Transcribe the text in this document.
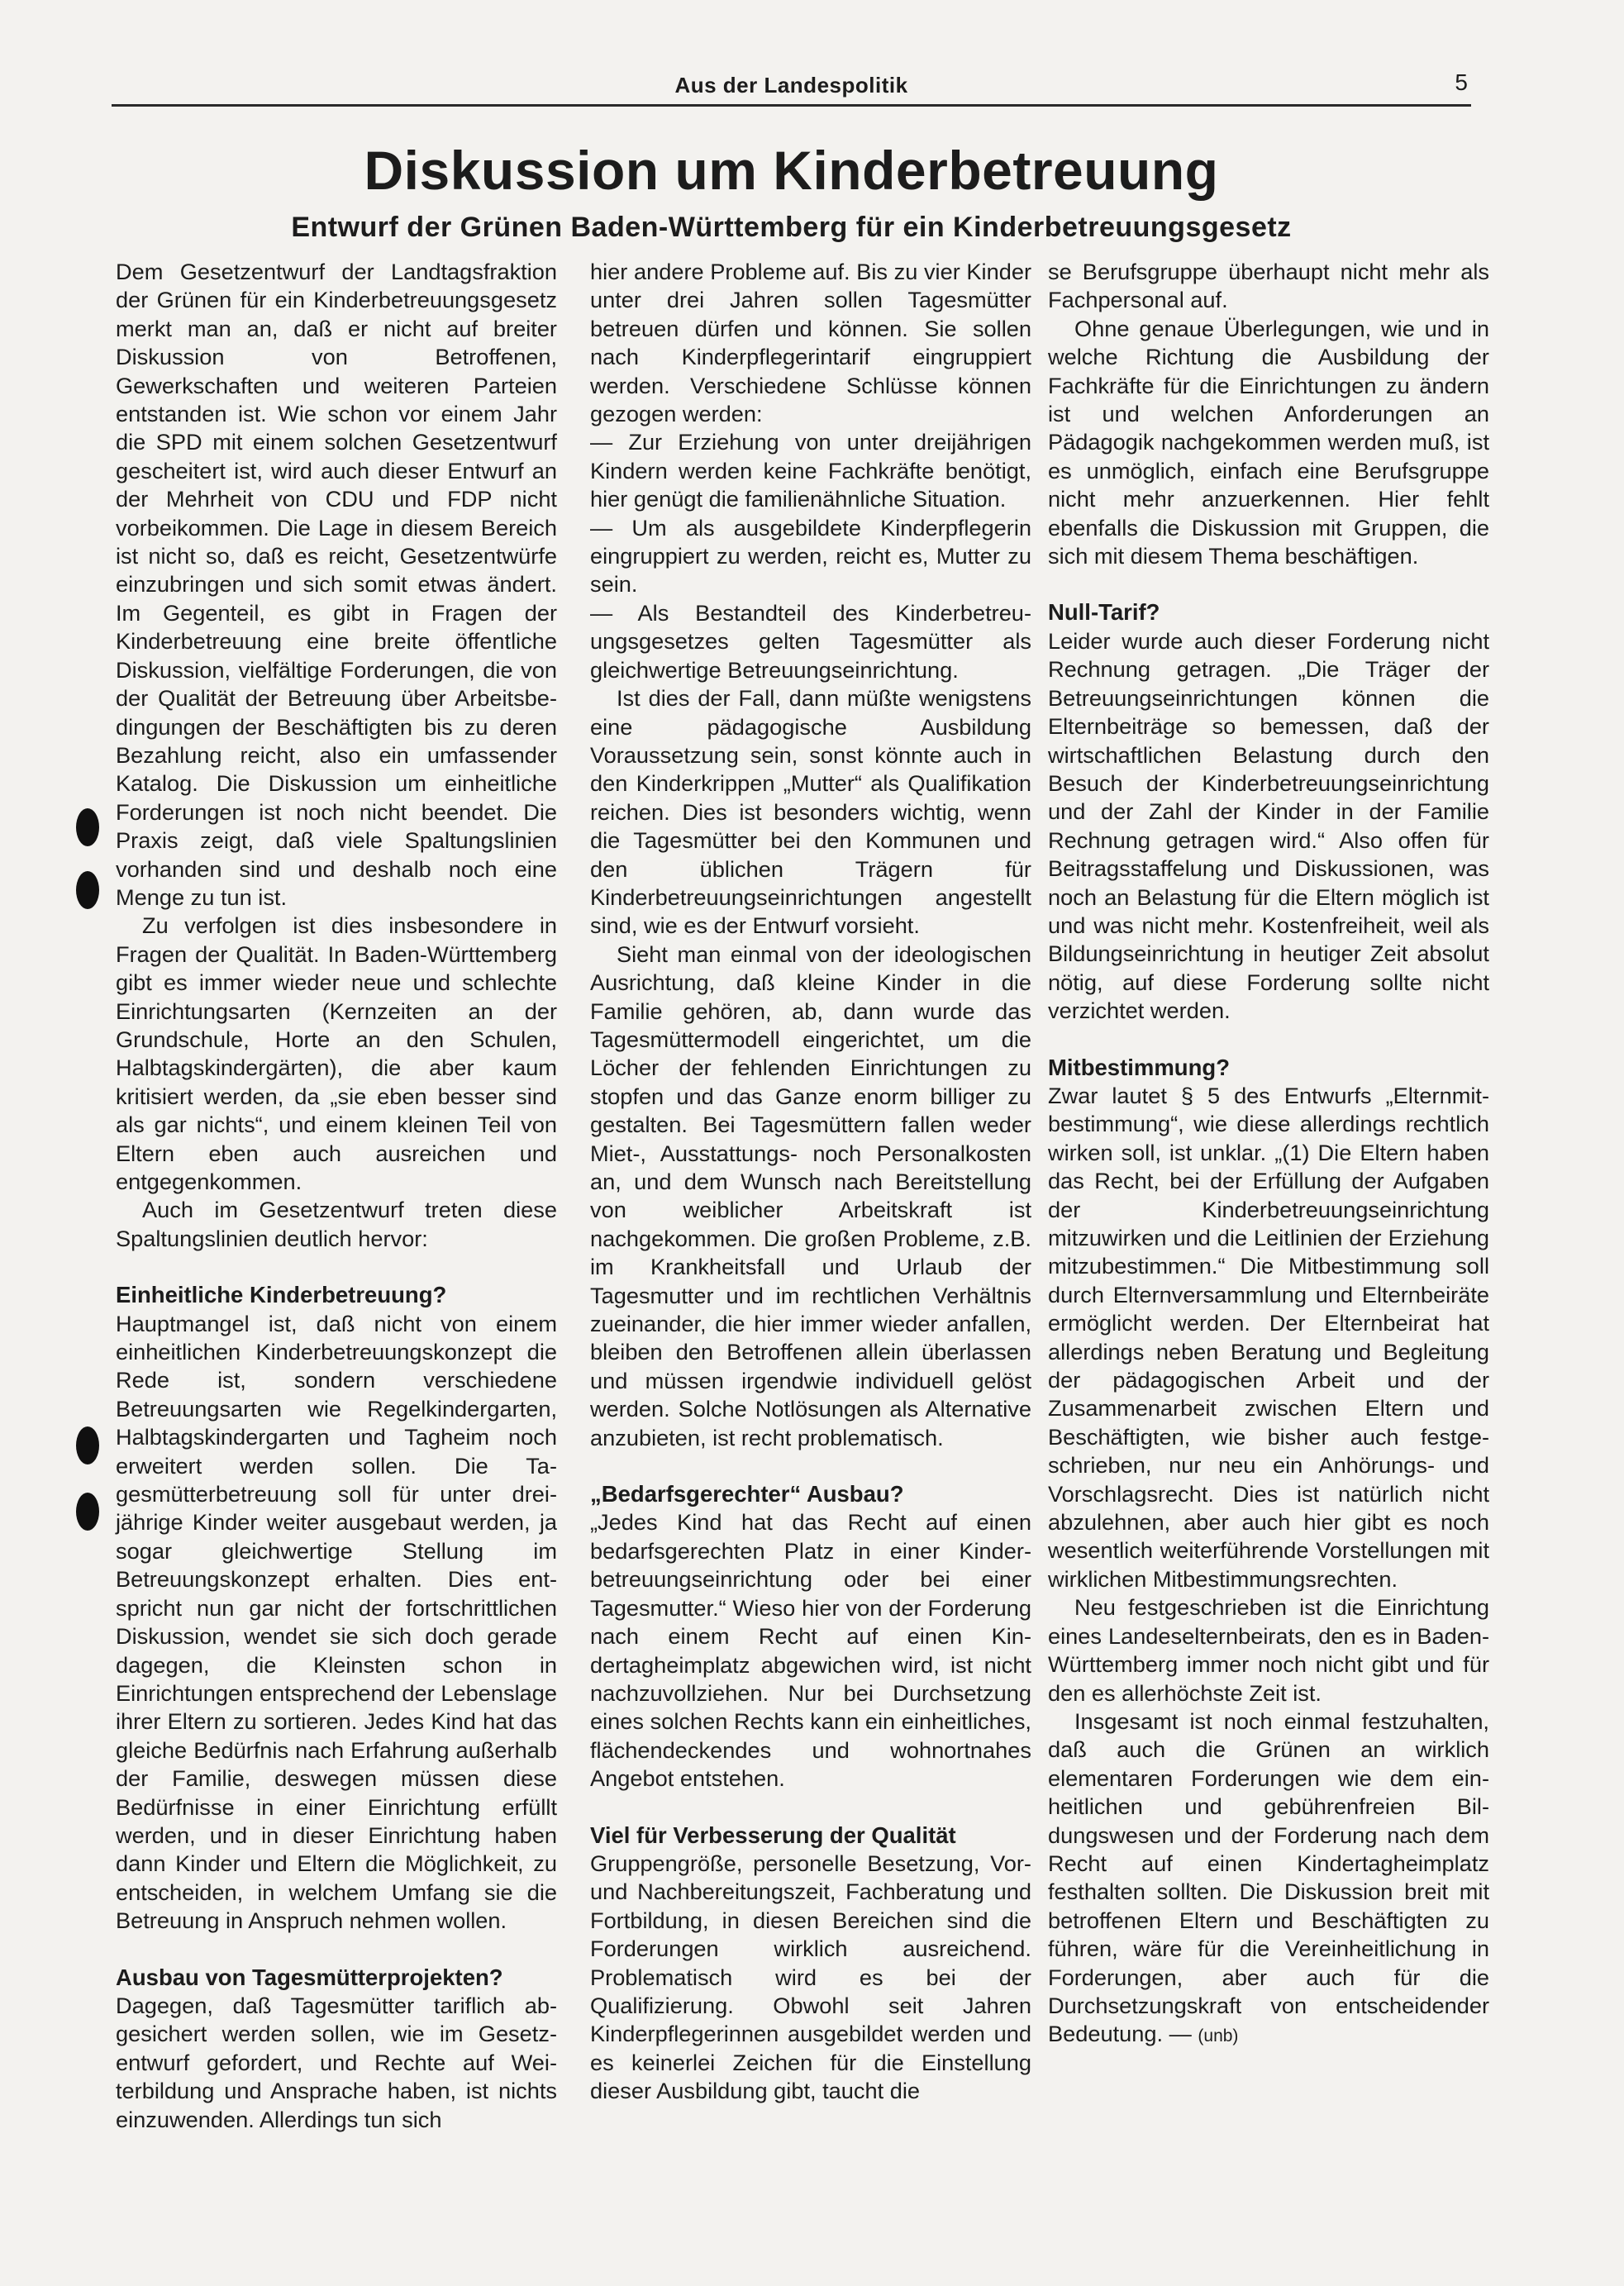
Aus der Landespolitik	5
Diskussion um Kinderbetreuung
Entwurf der Grünen Baden-Württemberg für ein Kinderbetreuungsgesetz

Dem Gesetzentwurf der Landtagsfraktion der Grünen für ein Kinderbetreuungsgesetz merkt man an, daß er nicht auf breiter Diskussion von Betroffenen, Gewerkschaften und weiteren Parteien entstanden ist. Wie schon vor einem Jahr die SPD mit einem solchen Gesetzentwurf gescheitert ist, wird auch dieser Entwurf an der Mehrheit von CDU und FDP nicht vorbeikommen. Die Lage in diesem Bereich ist nicht so, daß es reicht, Gesetzentwürfe einzubringen und sich somit etwas ändert. Im Gegenteil, es gibt in Fragen der Kinderbetreuung eine breite öffentliche Diskussion, vielfältige Forderungen, die von der Qualität der Betreuung über Arbeitsbedingungen der Beschäftigten bis zu deren Bezahlung reicht, also ein umfassender Katalog. Die Diskussion um einheitliche Forderungen ist noch nicht beendet. Die Praxis zeigt, daß viele Spaltungslinien vorhanden sind und deshalb noch eine Menge zu tun ist.

Zu verfolgen ist dies insbesondere in Fragen der Qualität. In Baden-Württemberg gibt es immer wieder neue und schlechte Einrichtungsarten (Kernzeiten an der Grundschule, Horte an den Schulen, Halbtagskindergärten), die aber kaum kritisiert werden, da „sie eben besser sind als gar nichts“, und einem kleinen Teil von Eltern eben auch ausreichen und entgegenkommen.

Auch im Gesetzentwurf treten diese Spaltungslinien deutlich hervor:

Einheitliche Kinderbetreuung?

Hauptmangel ist, daß nicht von einem einheitlichen Kinderbetreuungskonzept die Rede ist, sondern verschiedene Betreuungsarten wie Regelkindergarten, Halbtagskindergarten und Tagheim noch erweitert werden sollen. Die Tagesmütterbetreuung soll für unter dreijährige Kinder weiter ausgebaut werden, ja sogar gleichwertige Stellung im Betreuungskonzept erhalten. Dies entspricht nun gar nicht der fortschrittlichen Diskussion, wendet sie sich doch gerade dagegen, die Kleinsten schon in Einrichtungen entsprechend der Lebenslage ihrer Eltern zu sortieren. Jedes Kind hat das gleiche Bedürfnis nach Erfahrung außerhalb der Familie, deswegen müssen diese Bedürfnisse in einer Einrichtung erfüllt werden, und in dieser Einrichtung haben dann Kinder und Eltern die Möglichkeit, zu entscheiden, in welchem Umfang sie die Betreuung in Anspruch nehmen wollen.

Ausbau von Tagesmütterprojekten?

Dagegen, daß Tagesmütter tariflich abgesichert werden sollen, wie im Gesetzentwurf gefordert, und Rechte auf Weiterbildung und Ansprache haben, ist nichts einzuwenden. Allerdings tun sich

hier andere Probleme auf. Bis zu vier Kinder unter drei Jahren sollen Tagesmütter betreuen dürfen und können. Sie sollen nach Kinderpflegerintarif eingruppiert werden. Verschiedene Schlüsse können gezogen werden:

— Zur Erziehung von unter dreijährigen Kindern werden keine Fachkräfte benötigt, hier genügt die familienähnliche Situation.

— Um als ausgebildete Kinderpflegerin eingruppiert zu werden, reicht es, Mutter zu sein.

— Als Bestandteil des Kinderbetreuungsgesetzes gelten Tagesmütter als gleichwertige Betreuungseinrichtung.

Ist dies der Fall, dann müßte wenigstens eine pädagogische Ausbildung Voraussetzung sein, sonst könnte auch in den Kinderkrippen „Mutter“ als Qualifikation reichen. Dies ist besonders wichtig, wenn die Tagesmütter bei den Kommunen und den üblichen Trägern für Kinderbetreuungseinrichtungen angestellt sind, wie es der Entwurf vorsieht.

Sieht man einmal von der ideologischen Ausrichtung, daß kleine Kinder in die Familie gehören, ab, dann wurde das Tagesmüttermodell eingerichtet, um die Löcher der fehlenden Einrichtungen zu stopfen und das Ganze enorm billiger zu gestalten. Bei Tagesmüttern fallen weder Miet-, Ausstattungs- noch Personalkosten an, und dem Wunsch nach Bereitstellung von weiblicher Arbeitskraft ist nachgekommen. Die großen Probleme, z.B. im Krankheitsfall und Urlaub der Tagesmutter und im rechtlichen Verhältnis zueinander, die hier immer wieder anfallen, bleiben den Betroffenen allein überlassen und müssen irgendwie individuell gelöst werden. Solche Notlösungen als Alternative anzubieten, ist recht problematisch.

„Bedarfsgerechter“ Ausbau?

„Jedes Kind hat das Recht auf einen bedarfsgerechten Platz in einer Kinderbetreuungseinrichtung oder bei einer Tagesmutter.“ Wieso hier von der Forderung nach einem Recht auf einen Kindertagheimplatz abgewichen wird, ist nicht nachzuvollziehen. Nur bei Durchsetzung eines solchen Rechts kann ein einheitliches, flächendeckendes und wohnortnahes Angebot entstehen.

Viel für Verbesserung der Qualität

Gruppengröße, personelle Besetzung, Vor- und Nachbereitungszeit, Fachberatung und Fortbildung, in diesen Bereichen sind die Forderungen wirklich ausreichend. Problematisch wird es bei der Qualifizierung. Obwohl seit Jahren Kinderpflegerinnen ausgebildet werden und es keinerlei Zeichen für die Einstellung dieser Ausbildung gibt, taucht die

se Berufsgruppe überhaupt nicht mehr als Fachpersonal auf.

Ohne genaue Überlegungen, wie und in welche Richtung die Ausbildung der Fachkräfte für die Einrichtungen zu ändern ist und welchen Anforderungen an Pädagogik nachgekommen werden muß, ist es unmöglich, einfach eine Berufsgruppe nicht mehr anzuerkennen. Hier fehlt ebenfalls die Diskussion mit Gruppen, die sich mit diesem Thema beschäftigen.

Null-Tarif?

Leider wurde auch dieser Forderung nicht Rechnung getragen. „Die Träger der Betreuungseinrichtungen können die Elternbeiträge so bemessen, daß der wirtschaftlichen Belastung durch den Besuch der Kinderbetreuungseinrichtung und der Zahl der Kinder in der Familie Rechnung getragen wird.“ Also offen für Beitragsstaffelung und Diskussionen, was noch an Belastung für die Eltern möglich ist und was nicht mehr. Kostenfreiheit, weil als Bildungseinrichtung in heutiger Zeit absolut nötig, auf diese Forderung sollte nicht verzichtet werden.

Mitbestimmung?

Zwar lautet § 5 des Entwurfs „Elternmitbestimmung“, wie diese allerdings rechtlich wirken soll, ist unklar. „(1) Die Eltern haben das Recht, bei der Erfüllung der Aufgaben der Kinderbetreuungseinrichtung mitzuwirken und die Leitlinien der Erziehung mitzubestimmen.“ Die Mitbestimmung soll durch Elternversammlung und Elternbeiräte ermöglicht werden. Der Elternbeirat hat allerdings neben Beratung und Begleitung der pädagogischen Arbeit und der Zusammenarbeit zwischen Eltern und Beschäftigten, wie bisher auch festgeschrieben, nur neu ein Anhörungs- und Vorschlagsrecht. Dies ist natürlich nicht abzulehnen, aber auch hier gibt es noch wesentlich weiterführende Vorstellungen mit wirklichen Mitbestimmungsrechten.

Neu festgeschrieben ist die Einrichtung eines Landeselternbeirats, den es in Baden-Württemberg immer noch nicht gibt und für den es allerhöchste Zeit ist.

Insgesamt ist noch einmal festzuhalten, daß auch die Grünen an wirklich elementaren Forderungen wie dem einheitlichen und gebührenfreien Bildungswesen und der Forderung nach dem Recht auf einen Kindertagheimplatz festhalten sollten. Die Diskussion breit mit betroffenen Eltern und Beschäftigten zu führen, wäre für die Vereinheitlichung in Forderungen, aber auch für die Durchsetzungskraft von entscheidender Bedeutung. — (unb)
